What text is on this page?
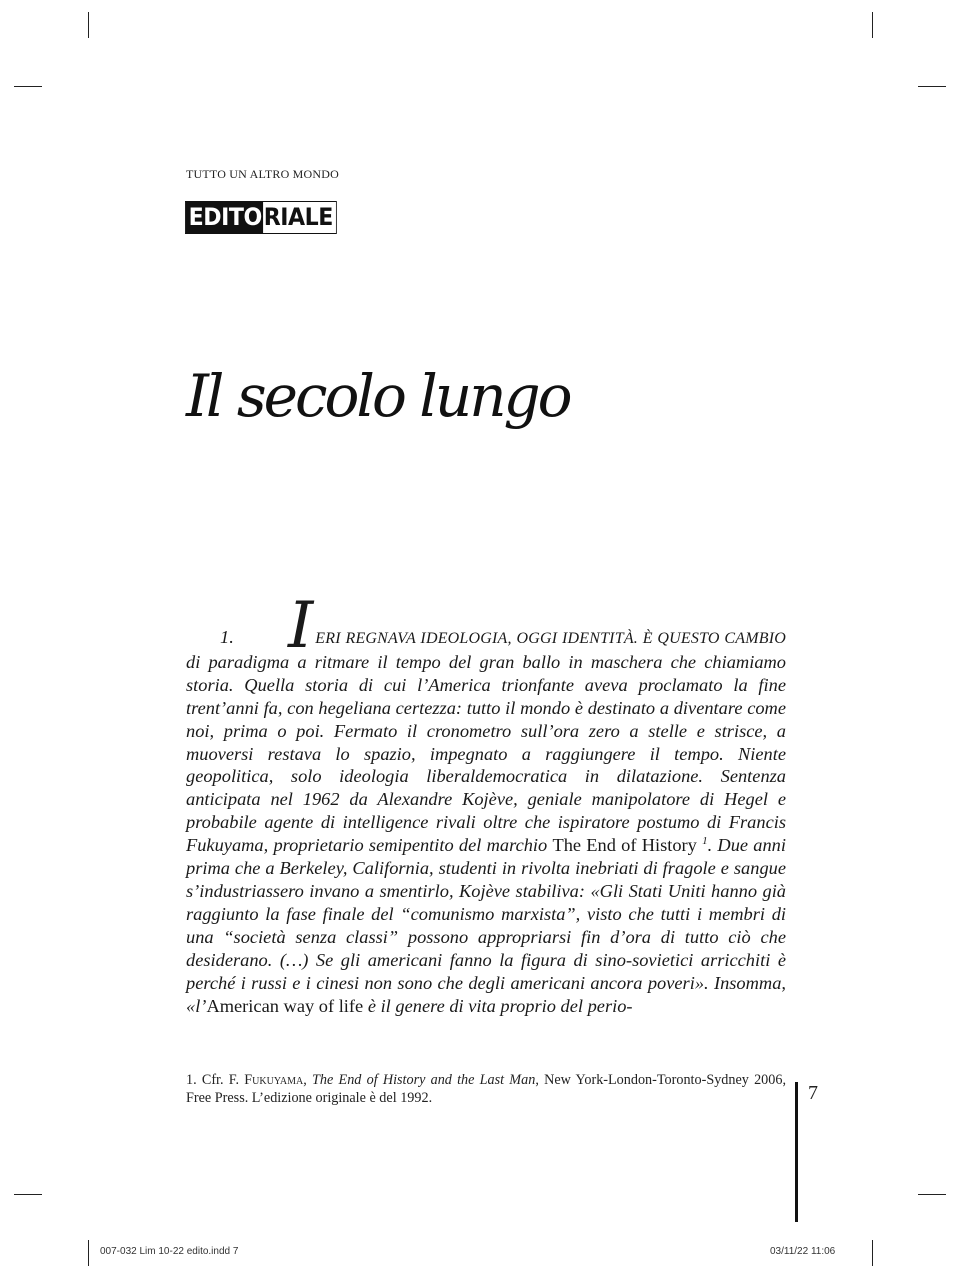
TUTTO UN ALTRO MONDO
EDITO RIALE
Il secolo lungo
1. I ERI REGNAVA IDEOLOGIA, OGGI IDENTITÀ. È QUESTO CAMBIO di paradigma a ritmare il tempo del gran ballo in maschera che chiamiamo storia. Quella storia di cui l’America trionfante aveva proclamato la fine trent’anni fa, con hegeliana certezza: tutto il mondo è destinato a diventare come noi, prima o poi. Fermato il cronometro sull’ora zero a stelle e strisce, a muoversi restava lo spazio, impegnato a raggiungere il tempo. Niente geopolitica, solo ideologia liberaldemocratica in dilatazione. Sentenza anticipata nel 1962 da Alexandre Kojève, geniale manipolatore di Hegel e probabile agente di intelligence rivali oltre che ispiratore postumo di Francis Fukuyama, proprietario semipentito del marchio The End of History $^1$. Due anni prima che a Berkeley, California, studenti in rivolta inebriati di fragole e sangue s’industriassero invano a smentirlo, Kojève stabiliva: «Gli Stati Uniti hanno già raggiunto la fase finale del “comunismo marxista”, visto che tutti i membri di una “società senza classi” possono appropriarsi fin d’ora di tutto ciò che desiderano. (…) Se gli americani fanno la figura di sino-sovietici arricchiti è perché i russi e i cinesi non sono che degli americani ancora poveri». Insomma, «l’American way of life è il genere di vita proprio del perio-
1. Cfr. F. Fukuyama, The End of History and the Last Man, New York-London-Toronto-Sydney 2006, Free Press. L’edizione originale è del 1992.	7
007-032 Lim 10-22 edito.indd 7	03/11/22 11:06
